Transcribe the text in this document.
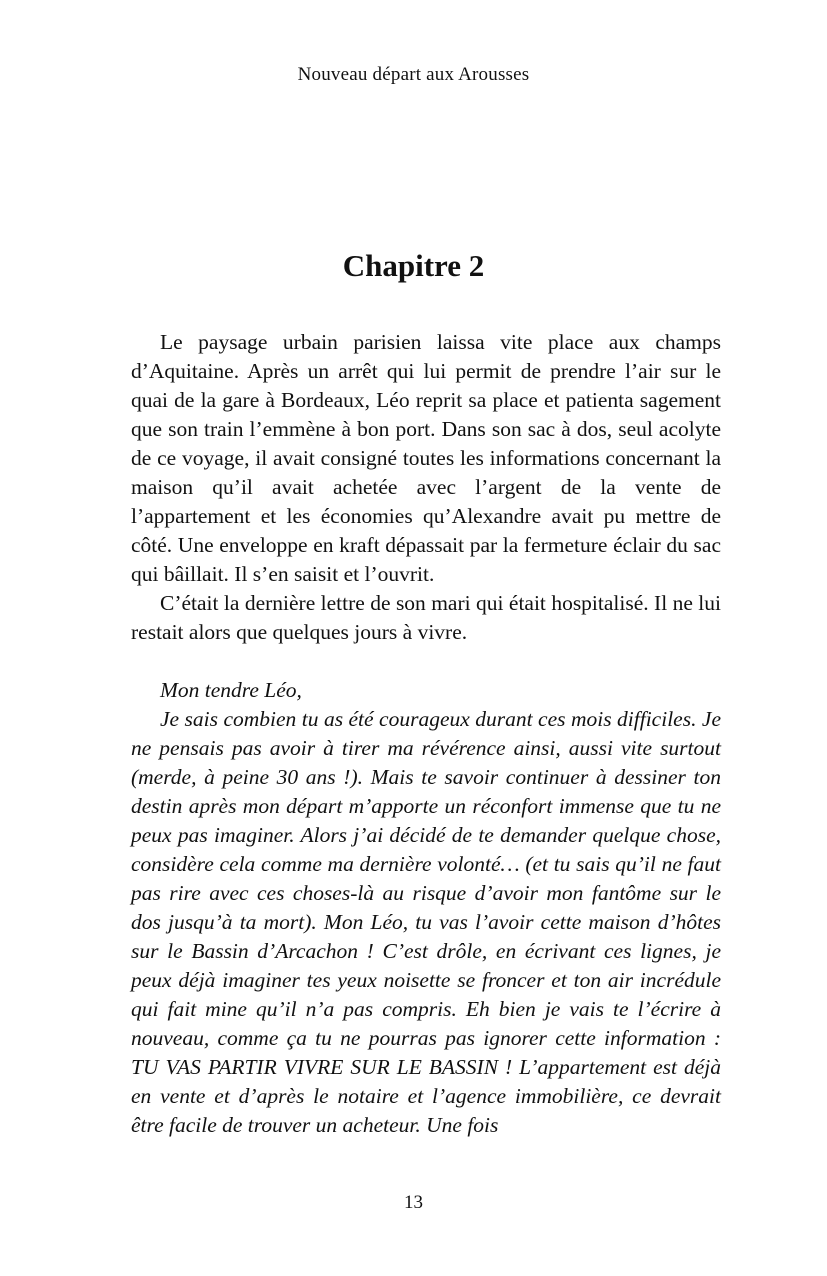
Nouveau départ aux Arousses
Chapitre 2

Le paysage urbain parisien laissa vite place aux champs d’Aquitaine. Après un arrêt qui lui permit de prendre l’air sur le quai de la gare à Bordeaux, Léo reprit sa place et patienta sagement que son train l’emmène à bon port. Dans son sac à dos, seul acolyte de ce voyage, il avait consigné toutes les informations concernant la maison qu’il avait achetée avec l’argent de la vente de l’appartement et les économies qu’Alexandre avait pu mettre de côté. Une enveloppe en kraft dépassait par la fermeture éclair du sac qui bâillait. Il s’en saisit et l’ouvrit.

C’était la dernière lettre de son mari qui était hospitalisé. Il ne lui restait alors que quelques jours à vivre.

Mon tendre Léo,

Je sais combien tu as été courageux durant ces mois difficiles. Je ne pensais pas avoir à tirer ma révérence ainsi, aussi vite surtout (merde, à peine 30 ans !). Mais te savoir continuer à dessiner ton destin après mon départ m’apporte un réconfort immense que tu ne peux pas imaginer. Alors j’ai décidé de te demander quelque chose, considère cela comme ma dernière volonté… (et tu sais qu’il ne faut pas rire avec ces choses-là au risque d’avoir mon fantôme sur le dos jusqu’à ta mort). Mon Léo, tu vas l’avoir cette maison d’hôtes sur le Bassin d’Arcachon ! C’est drôle, en écrivant ces lignes, je peux déjà imaginer tes yeux noisette se froncer et ton air incrédule qui fait mine qu’il n’a pas compris. Eh bien je vais te l’écrire à nouveau, comme ça tu ne pourras pas ignorer cette information : TU VAS PARTIR VIVRE SUR LE BASSIN ! L’appartement est déjà en vente et d’après le notaire et l’agence immobilière, ce devrait être facile de trouver un acheteur. Une fois

13
